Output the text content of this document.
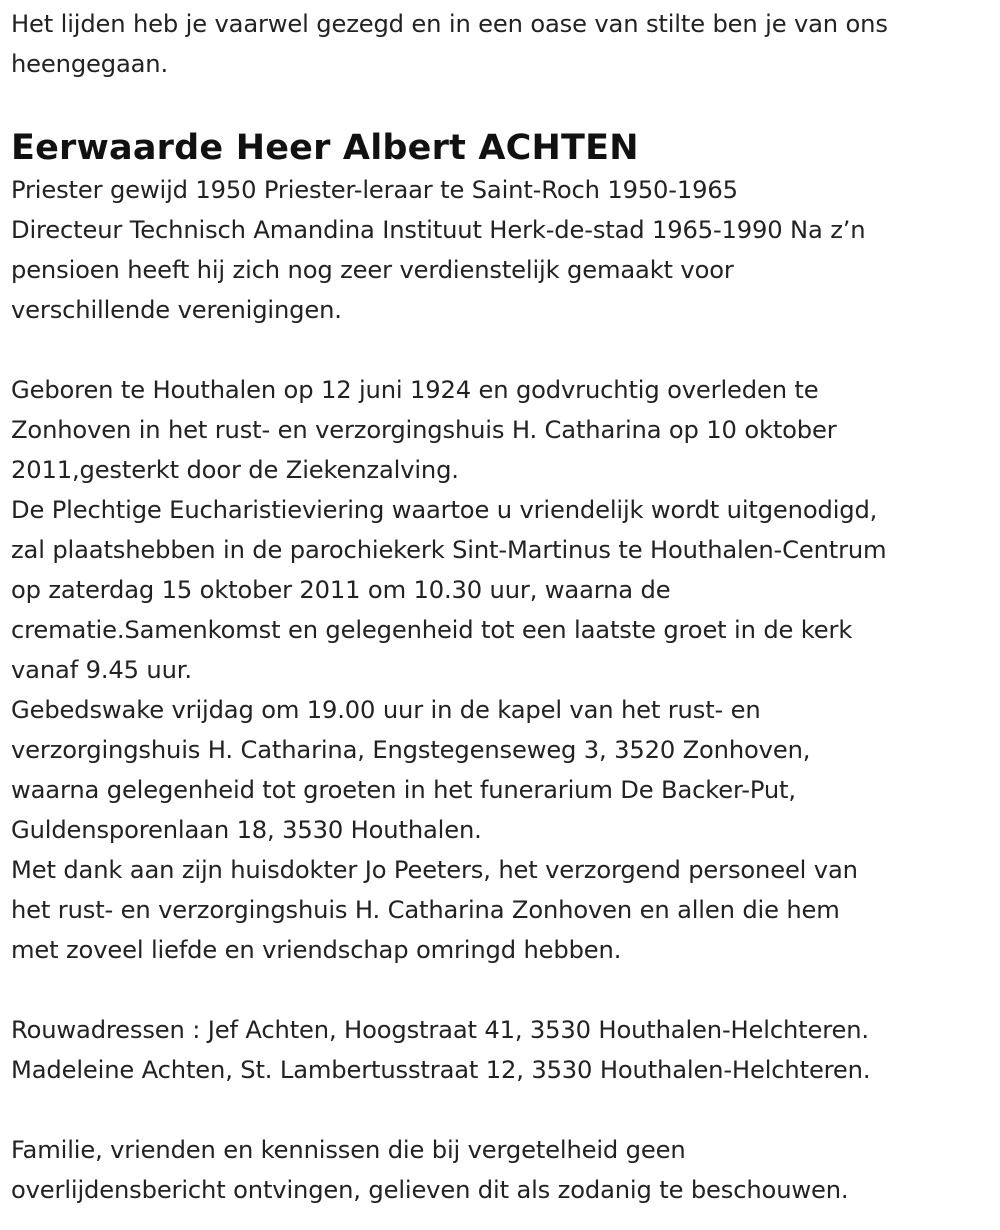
Het lijden heb je vaarwel gezegd en in een oase van stilte ben je van ons
heengegaan.
Eerwaarde Heer Albert ACHTEN
Priester gewijd 1950 Priester-leraar te Saint-Roch 1950-1965
Directeur Technisch Amandina Instituut Herk-de-stad 1965-1990 Na z’n
pensioen heeft hij zich nog zeer verdienstelijk gemaakt voor
verschillende verenigingen.
Geboren te Houthalen op 12 juni 1924 en godvruchtig overleden te
Zonhoven in het rust- en verzorgingshuis H. Catharina op 10 oktober
2011,gesterkt door de Ziekenzalving.
De Plechtige Eucharistieviering waartoe u vriendelijk wordt uitgenodigd,
zal plaatshebben in de parochiekerk Sint-Martinus te Houthalen-Centrum
op zaterdag 15 oktober 2011 om 10.30 uur, waarna de
crematie.Samenkomst en gelegenheid tot een laatste groet in de kerk
vanaf 9.45 uur.
Gebedswake vrijdag om 19.00 uur in de kapel van het rust- en
verzorgingshuis H. Catharina, Engstegenseweg 3, 3520 Zonhoven,
waarna gelegenheid tot groeten in het funerarium De Backer-Put,
Guldensporenlaan 18, 3530 Houthalen.
Met dank aan zijn huisdokter Jo Peeters, het verzorgend personeel van
het rust- en verzorgingshuis H. Catharina Zonhoven en allen die hem
met zoveel liefde en vriendschap omringd hebben.
Rouwadressen : Jef Achten, Hoogstraat 41, 3530 Houthalen-Helchteren.
Madeleine Achten, St. Lambertusstraat 12, 3530 Houthalen-Helchteren.
Familie, vrienden en kennissen die bij vergetelheid geen
overlijdensbericht ontvingen, gelieven dit als zodanig te beschouwen.
